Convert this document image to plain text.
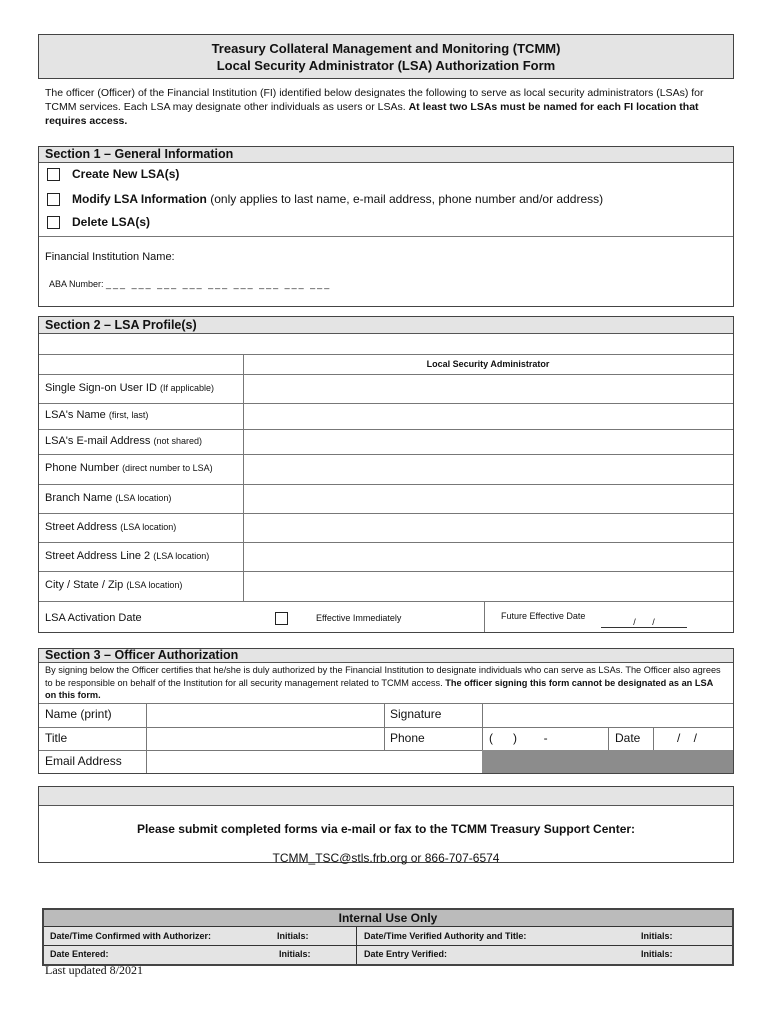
Treasury Collateral Management and Monitoring (TCMM)
Local Security Administrator (LSA) Authorization Form
The officer (Officer) of the Financial Institution (FI) identified below designates the following to serve as local security administrators (LSAs) for TCMM services. Each LSA may designate other individuals as users or LSAs. At least two LSAs must be named for each FI location that requires access.
Section 1 – General Information
Create New LSA(s)
Modify LSA Information (only applies to last name, e-mail address, phone number and/or address)
Delete LSA(s)
Financial Institution Name:
ABA Number: ___ ___ ___ ___ ___ ___ ___ ___ ___
Section 2 – LSA Profile(s)
Local Security Administrator
Single Sign-on User ID (If applicable)
LSA's Name (first, last)
LSA's E-mail Address (not shared)
Phone Number (direct number to LSA)
Branch Name (LSA location)
Street Address (LSA location)
Street Address Line 2 (LSA location)
City / State / Zip (LSA location)
LSA Activation Date	Effective Immediately	Future Effective Date
/ /
Section 3 – Officer Authorization
By signing below the Officer certifies that he/she is duly authorized by the Financial Institution to designate individuals who can serve as LSAs. The Officer also agrees to be responsible on behalf of the Institution for all security management related to TCMM access. The officer signing this form cannot be designated as an LSA on this form.
Name (print)	Signature
Title	Phone	(      )        -	Date	/    /
Email Address
Please submit completed forms via e-mail or fax to the TCMM Treasury Support Center:
TCMM_TSC@stls.frb.org or 866-707-6574
Internal Use Only
Date/Time Confirmed with Authorizer:	Initials:	Date/Time Verified Authority and Title:	Initials:
Date Entered:	Initials:	Date Entry Verified:	Initials:
Last updated 8/2021
